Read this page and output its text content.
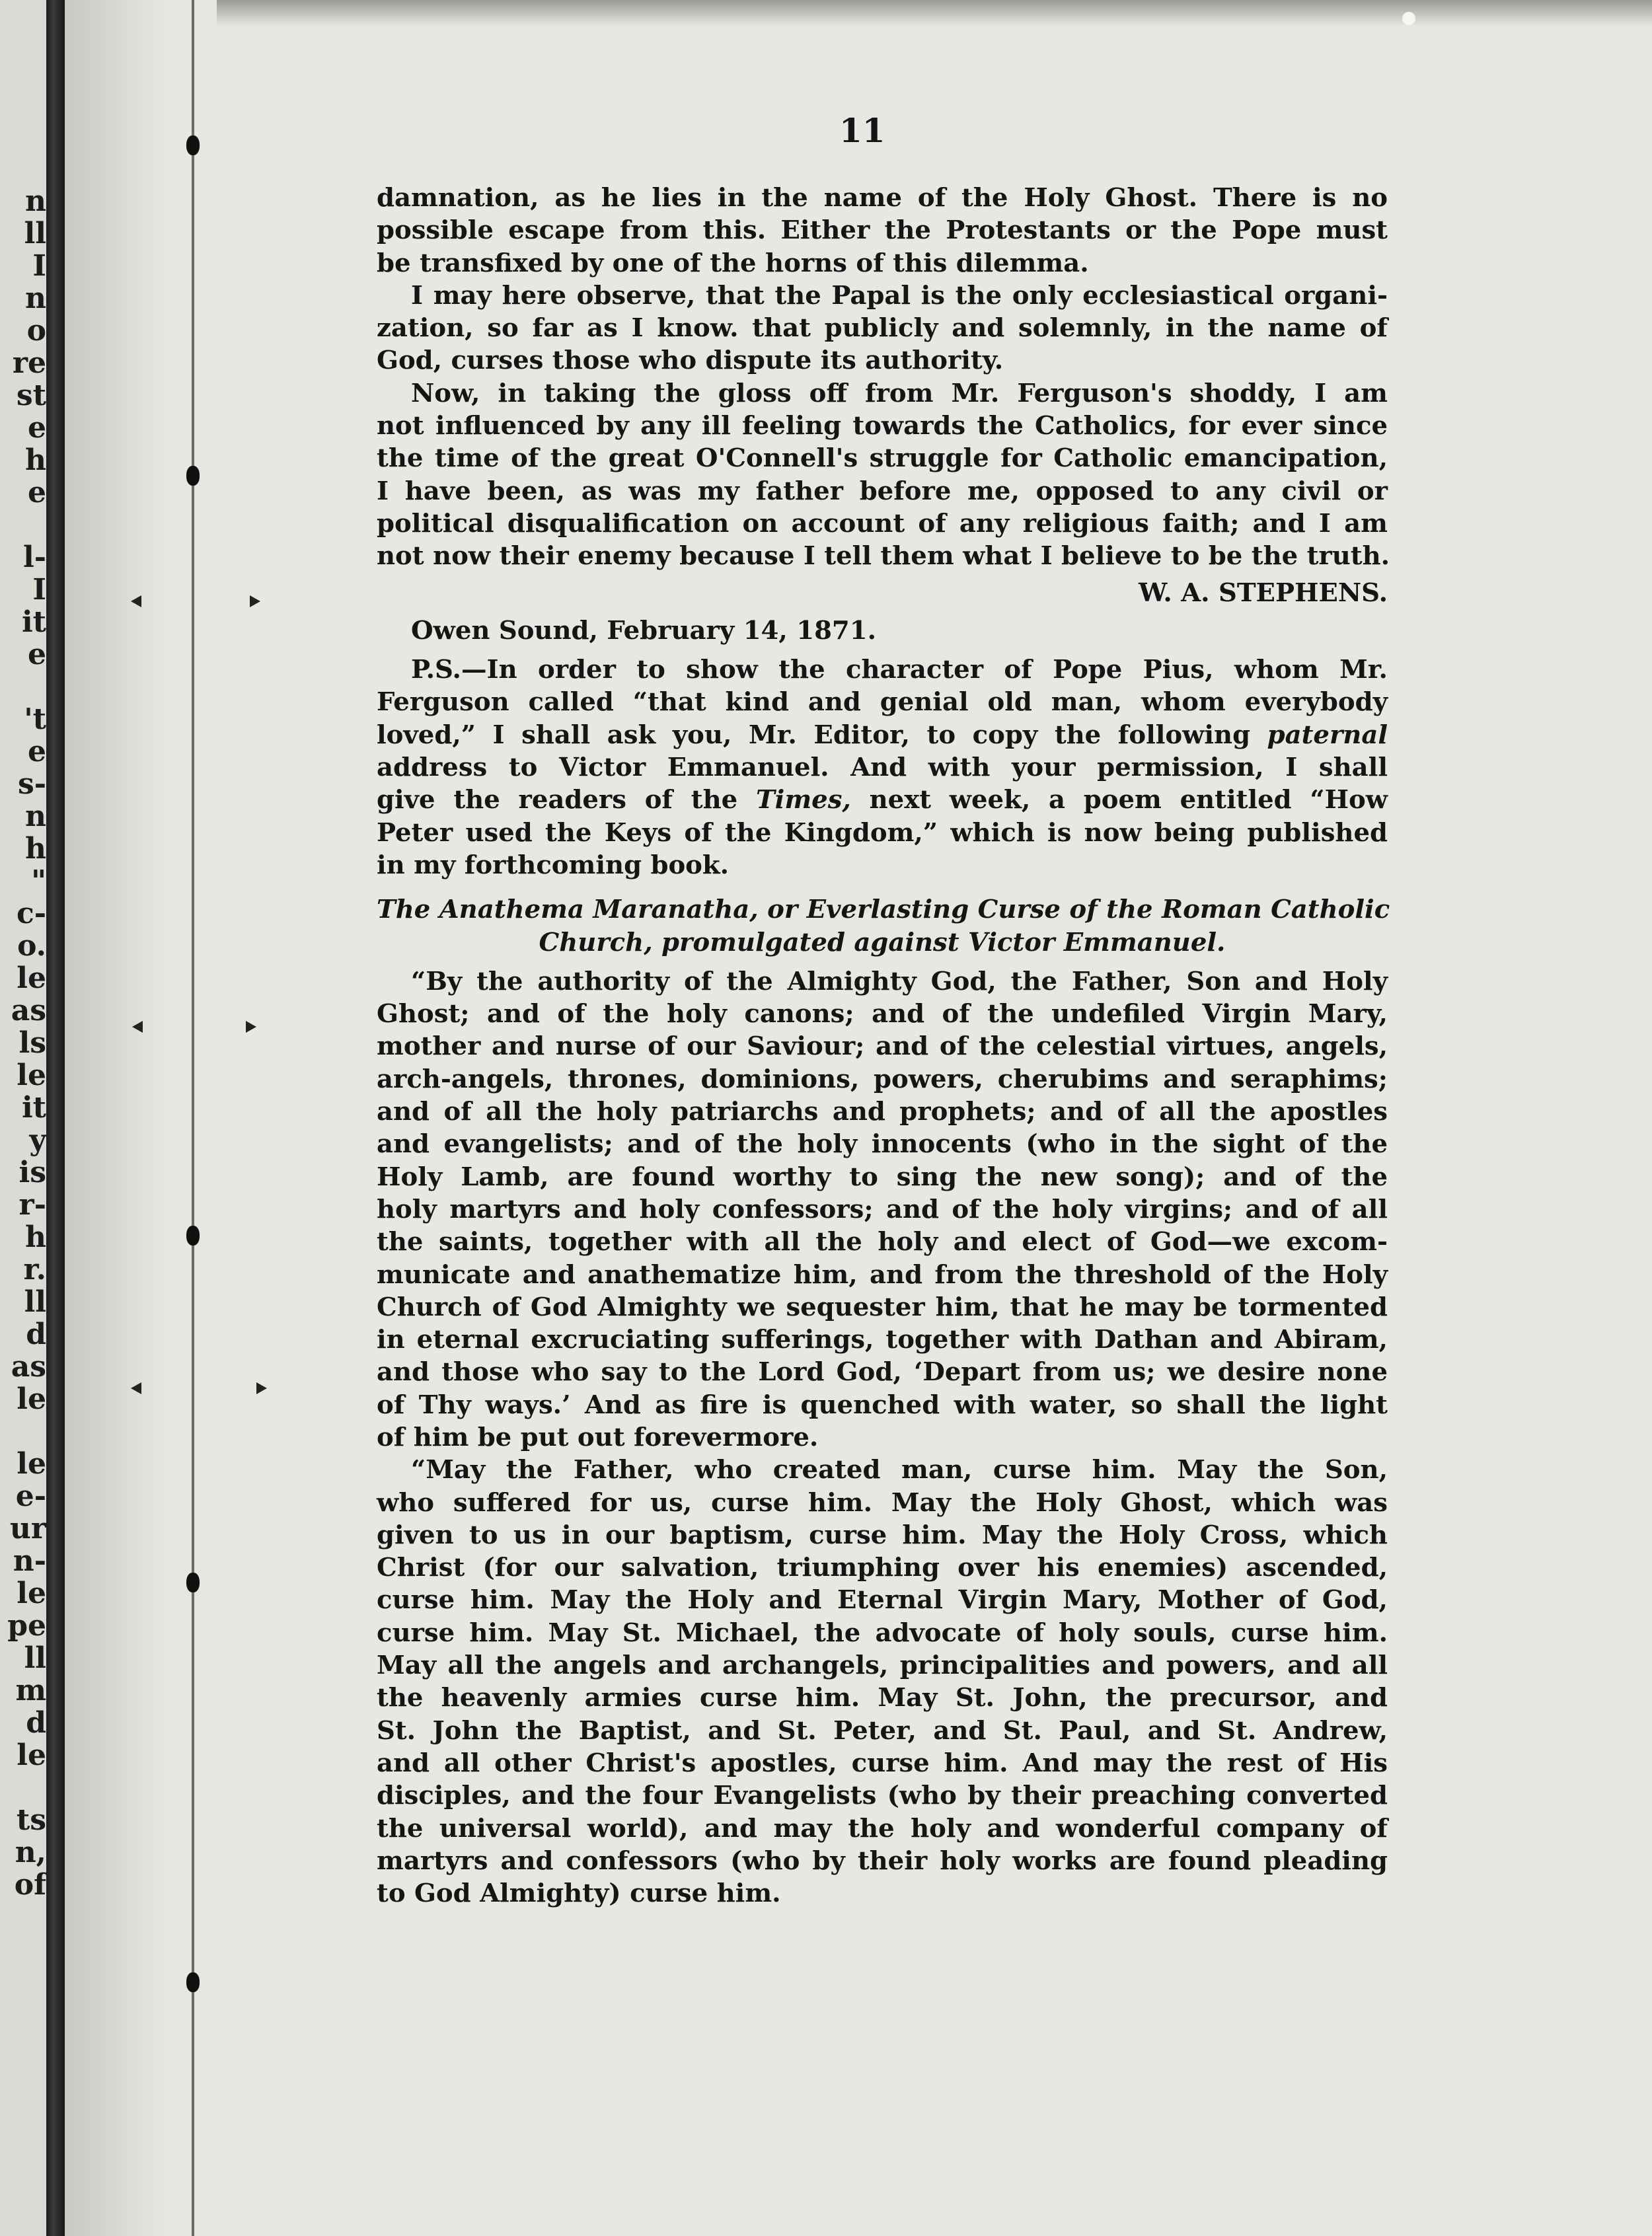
n
ll
I
n
o
re
st
e
h
e
l-
I
it
e
't
e
s-
n
h
"
c-
o.
le
as
ls
le
it
y
is
r-
h
r.
ll
d
as
le
le
e-
ur
n-
le
pe
ll
m
d
le
ts
n,
of
11
damnation, as he lies in the name of the Holy Ghost. There is no
possible escape from this. Either the Protestants or the Pope must
be transfixed by one of the horns of this dilemma.
I may here observe, that the Papal is the only ecclesiastical organi-
zation, so far as I know. that publicly and solemnly, in the name of
God, curses those who dispute its authority.
Now, in taking the gloss off from Mr. Ferguson's shoddy, I am
not influenced by any ill feeling towards the Catholics, for ever since
the time of the great O'Connell's struggle for Catholic emancipation,
I have been, as was my father before me, opposed to any civil or
political disqualification on account of any religious faith; and I am
not now their enemy because I tell them what I believe to be the truth.
W. A. STEPHENS.
Owen Sound, February 14, 1871.
P.S.—In order to show the character of Pope Pius, whom Mr.
Ferguson called “that kind and genial old man, whom everybody
loved,” I shall ask you, Mr. Editor, to copy the following paternal
address to Victor Emmanuel. And with your permission, I shall
give the readers of the Times, next week, a poem entitled “How
Peter used the Keys of the Kingdom,” which is now being published
in my forthcoming book.
The Anathema Maranatha, or Everlasting Curse of the Roman Catholic
Church, promulgated against Victor Emmanuel.
“By the authority of the Almighty God, the Father, Son and Holy
Ghost; and of the holy canons; and of the undefiled Virgin Mary,
mother and nurse of our Saviour; and of the celestial virtues, angels,
arch-angels, thrones, dominions, powers, cherubims and seraphims;
and of all the holy patriarchs and prophets; and of all the apostles
and evangelists; and of the holy innocents (who in the sight of the
Holy Lamb, are found worthy to sing the new song); and of the
holy martyrs and holy confessors; and of the holy virgins; and of all
the saints, together with all the holy and elect of God—we excom-
municate and anathematize him, and from the threshold of the Holy
Church of God Almighty we sequester him, that he may be tormented
in eternal excruciating sufferings, together with Dathan and Abiram,
and those who say to the Lord God, ‘Depart from us; we desire none
of Thy ways.’ And as fire is quenched with water, so shall the light
of him be put out forevermore.
“May the Father, who created man, curse him. May the Son,
who suffered for us, curse him. May the Holy Ghost, which was
given to us in our baptism, curse him. May the Holy Cross, which
Christ (for our salvation, triumphing over his enemies) ascended,
curse him. May the Holy and Eternal Virgin Mary, Mother of God,
curse him. May St. Michael, the advocate of holy souls, curse him.
May all the angels and archangels, principalities and powers, and all
the heavenly armies curse him. May St. John, the precursor, and
St. John the Baptist, and St. Peter, and St. Paul, and St. Andrew,
and all other Christ's apostles, curse him. And may the rest of His
disciples, and the four Evangelists (who by their preaching converted
the universal world), and may the holy and wonderful company of
martyrs and confessors (who by their holy works are found pleading
to God Almighty) curse him.
